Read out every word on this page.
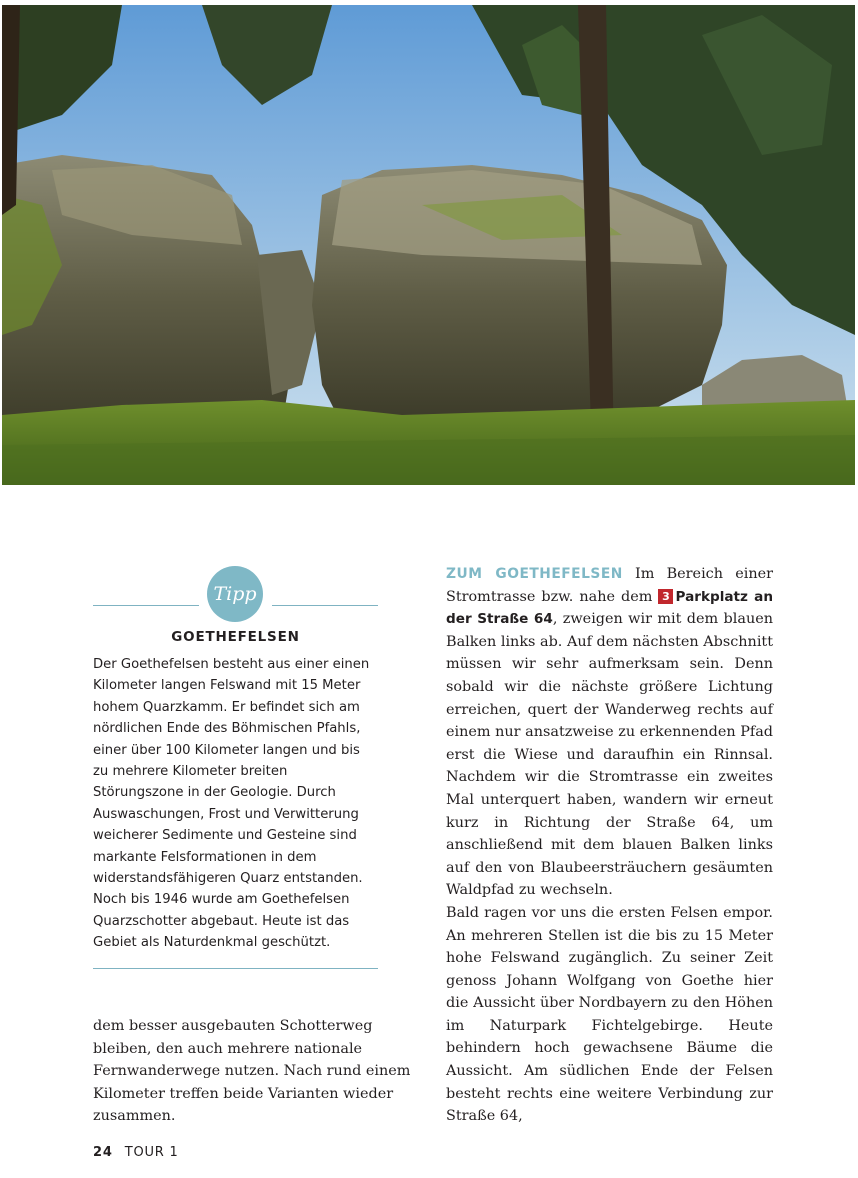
Tipp
GOETHEFELSEN

Der Goethefelsen besteht aus einer einen Kilometer langen Felswand mit 15 Meter hohem Quarzkamm. Er befindet sich am nördlichen Ende des Böhmischen Pfahls, einer über 100 Kilometer langen und bis zu mehrere Kilometer breiten Störungszone in der Geologie. Durch Auswaschungen, Frost und Verwitterung weicherer Sedimente und Gesteine sind markante Felsformationen in dem widerstandsfähigeren Quarz entstanden. Noch bis 1946 wurde am Goethefelsen Quarzschotter abgebaut. Heute ist das Gebiet als Naturdenkmal geschützt.

dem besser ausgebauten Schotterweg bleiben, den auch mehrere nationale Fernwanderwege nutzen. Nach rund einem Kilometer treffen beide Varianten wieder zusammen.

ZUM GOETHEFELSEN Im Bereich einer Stromtrasse bzw. nahe dem 3 Parkplatz an der Straße 64, zweigen wir mit dem blauen Balken links ab. Auf dem nächsten Abschnitt müssen wir sehr aufmerksam sein. Denn sobald wir die nächste größere Lichtung erreichen, quert der Wanderweg rechts auf einem nur ansatzweise zu erkennenden Pfad erst die Wiese und daraufhin ein Rinnsal. Nachdem wir die Stromtrasse ein zweites Mal unterquert haben, wandern wir erneut kurz in Richtung der Straße 64, um anschließend mit dem blauen Balken links auf den von Blaubeersträuchern gesäumten Waldpfad zu wechseln.

Bald ragen vor uns die ersten Felsen empor. An mehreren Stellen ist die bis zu 15 Meter hohe Felswand zugänglich. Zu seiner Zeit genoss Johann Wolfgang von Goethe hier die Aussicht über Nordbayern zu den Höhen im Naturpark Fichtelgebirge. Heute behindern hoch gewachsene Bäume die Aussicht. Am südlichen Ende der Felsen besteht rechts eine weitere Verbindung zur Straße 64,

24 TOUR 1
